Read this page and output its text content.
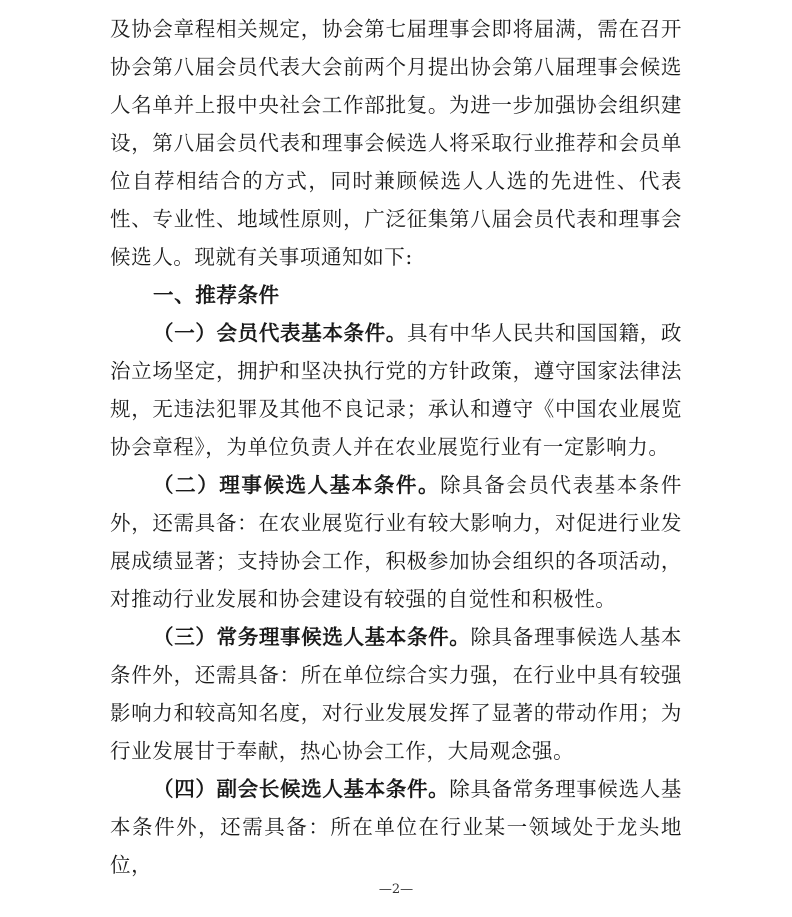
及协会章程相关规定，协会第七届理事会即将届满，需在召开协会第八届会员代表大会前两个月提出协会第八届理事会候选人名单并上报中央社会工作部批复。为进一步加强协会组织建设，第八届会员代表和理事会候选人将采取行业推荐和会员单位自荐相结合的方式，同时兼顾候选人人选的先进性、代表性、专业性、地域性原则，广泛征集第八届会员代表和理事会候选人。现就有关事项通知如下:

一、推荐条件

（一）会员代表基本条件。具有中华人民共和国国籍，政治立场坚定，拥护和坚决执行党的方针政策，遵守国家法律法规，无违法犯罪及其他不良记录；承认和遵守《中国农业展览协会章程》，为单位负责人并在农业展览行业有一定影响力。

（二）理事候选人基本条件。除具备会员代表基本条件外，还需具备：在农业展览行业有较大影响力，对促进行业发展成绩显著；支持协会工作，积极参加协会组织的各项活动，对推动行业发展和协会建设有较强的自觉性和积极性。

（三）常务理事候选人基本条件。除具备理事候选人基本条件外，还需具备：所在单位综合实力强，在行业中具有较强影响力和较高知名度，对行业发展发挥了显著的带动作用；为行业发展甘于奉献，热心协会工作，大局观念强。

（四）副会长候选人基本条件。除具备常务理事候选人基本条件外，还需具备：所在单位在行业某一领域处于龙头地位，

—2—
